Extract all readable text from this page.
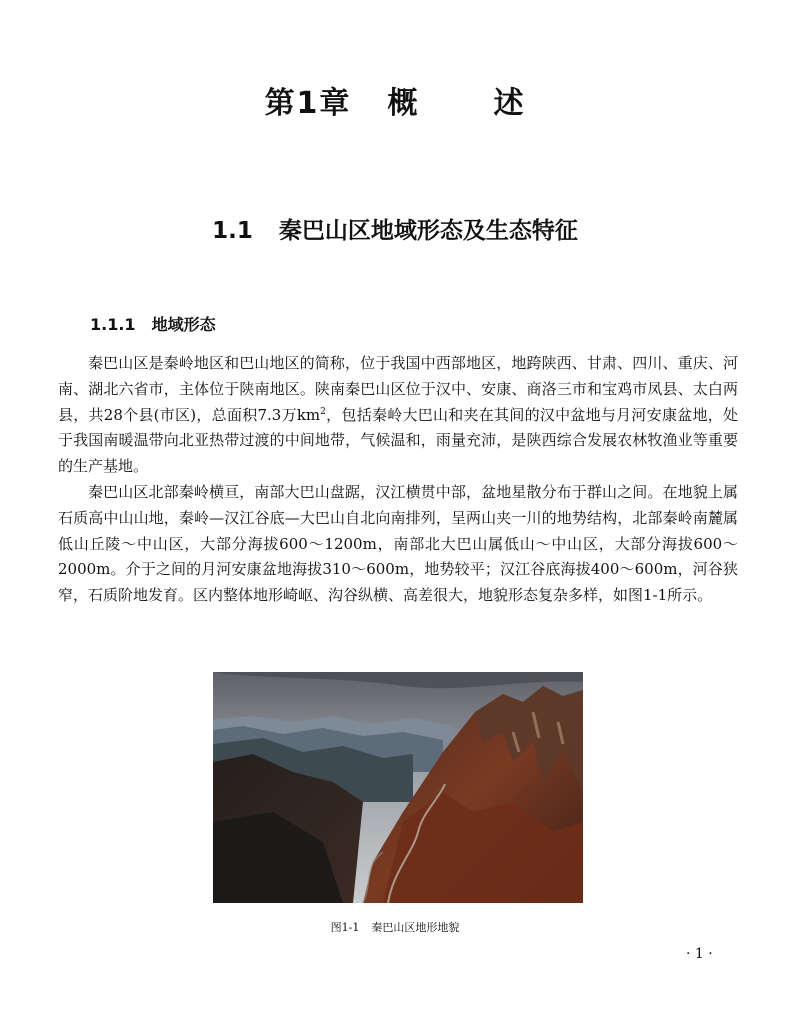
第1章 概 述
1.1 秦巴山区地域形态及生态特征
1.1.1 地域形态

秦巴山区是秦岭地区和巴山地区的简称，位于我国中西部地区，地跨陕西、甘肃、四川、重庆、河南、湖北六省市，主体位于陕南地区。陕南秦巴山区位于汉中、安康、商洛三市和宝鸡市凤县、太白两县，共28个县(市区)，总面积7.3万$km^2$，包括秦岭大巴山和夹在其间的汉中盆地与月河安康盆地，处于我国南暖温带向北亚热带过渡的中间地带，气候温和，雨量充沛，是陕西综合发展农林牧渔业等重要的生产基地。

秦巴山区北部秦岭横亘，南部大巴山盘踞，汉江横贯中部，盆地星散分布于群山之间。在地貌上属石质高中山山地，秦岭—汉江谷底—大巴山自北向南排列，呈两山夹一川的地势结构，北部秦岭南麓属低山丘陵～中山区，大部分海拔600～1200m，南部北大巴山属低山～中山区，大部分海拔600～2000m。介于之间的月河安康盆地海拔310～600m，地势较平；汉江谷底海拔400～600m，河谷狭窄，石质阶地发育。区内整体地形崎岖、沟谷纵横、高差很大，地貌形态复杂多样，如图1-1所示。

图1-1 秦巴山区地形地貌
· 1 ·
